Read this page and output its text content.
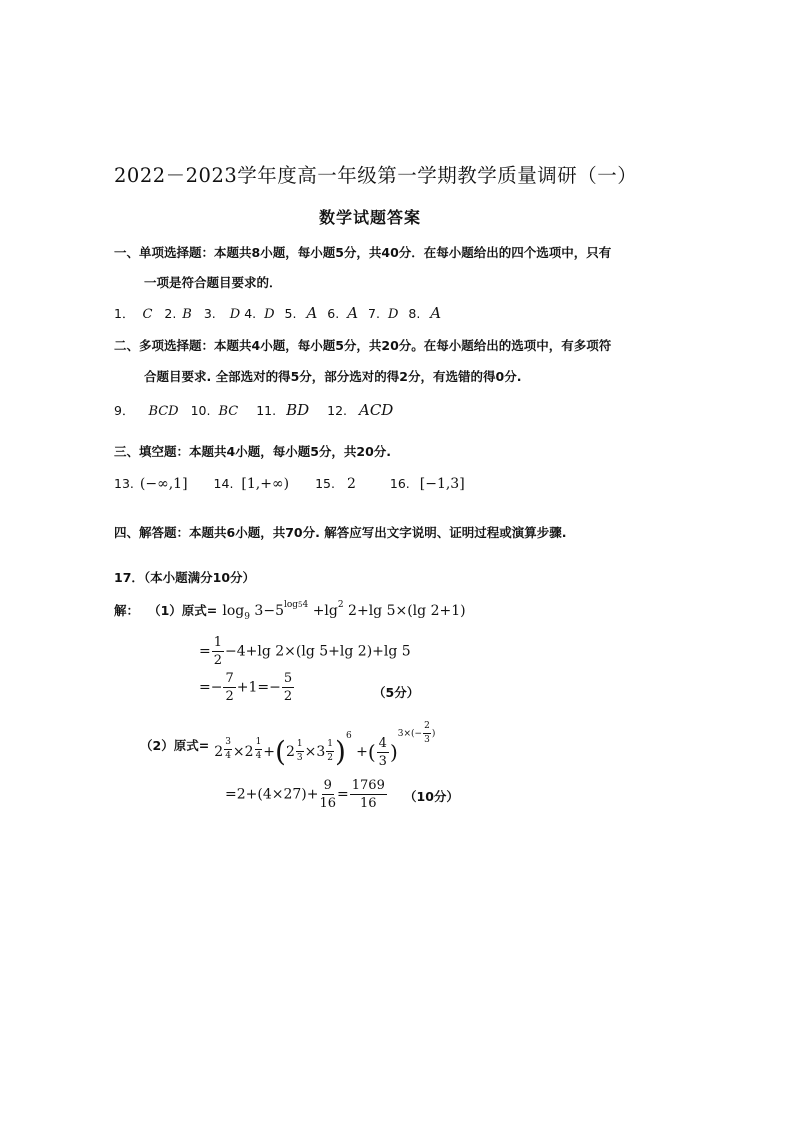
2022－2023学年度高一年级第一学期教学质量调研（一）
数学试题答案
一、单项选择题：本题共8小题，每小题5分，共40分．在每小题给出的四个选项中，只有
一项是符合题目要求的．
1． C 2. B 3. D 4. D 5. A 6. A 7. D 8. A
二、多项选择题：本题共4小题，每小题5分，共20分。在每小题给出的选项中，有多项符
合题目要求. 全部选对的得5分，部分选对的得2分，有选错的得0分.
9． BCD 10. BC 11. BD 12. ACD
三、填空题：本题共4小题，每小题5分，共20分.
13. (−∞,1] 14. [1,+∞) 15. 2	16. [−1,3]
四、解答题：本题共6小题，共70分. 解答应写出文字说明、证明过程或演算步骤.
17．（本小题满分10分）
解： （1）原式= $\log_9 3-5^{log54} +\lg^2$ 2+lg 5×(lg 2+1)
= $\frac{1}{2} -4+\lg$ 2×(lg 5+lg 2)+lg 5
=− $\frac{7}{2} +1=- \frac{5}{2}$	（5分）
（2）原式= $2 \frac{3}{4} \times 2 \frac{1}{4} +(2 \frac{1}{3} \times 3 \frac{1}{2} )^6$ +( $\frac{4}{3} )^{3\times(- \frac{2}{3} )}$
$=2+(4\times 27)+ \frac{9}{16} = \frac{1769}{16} (10$分）
